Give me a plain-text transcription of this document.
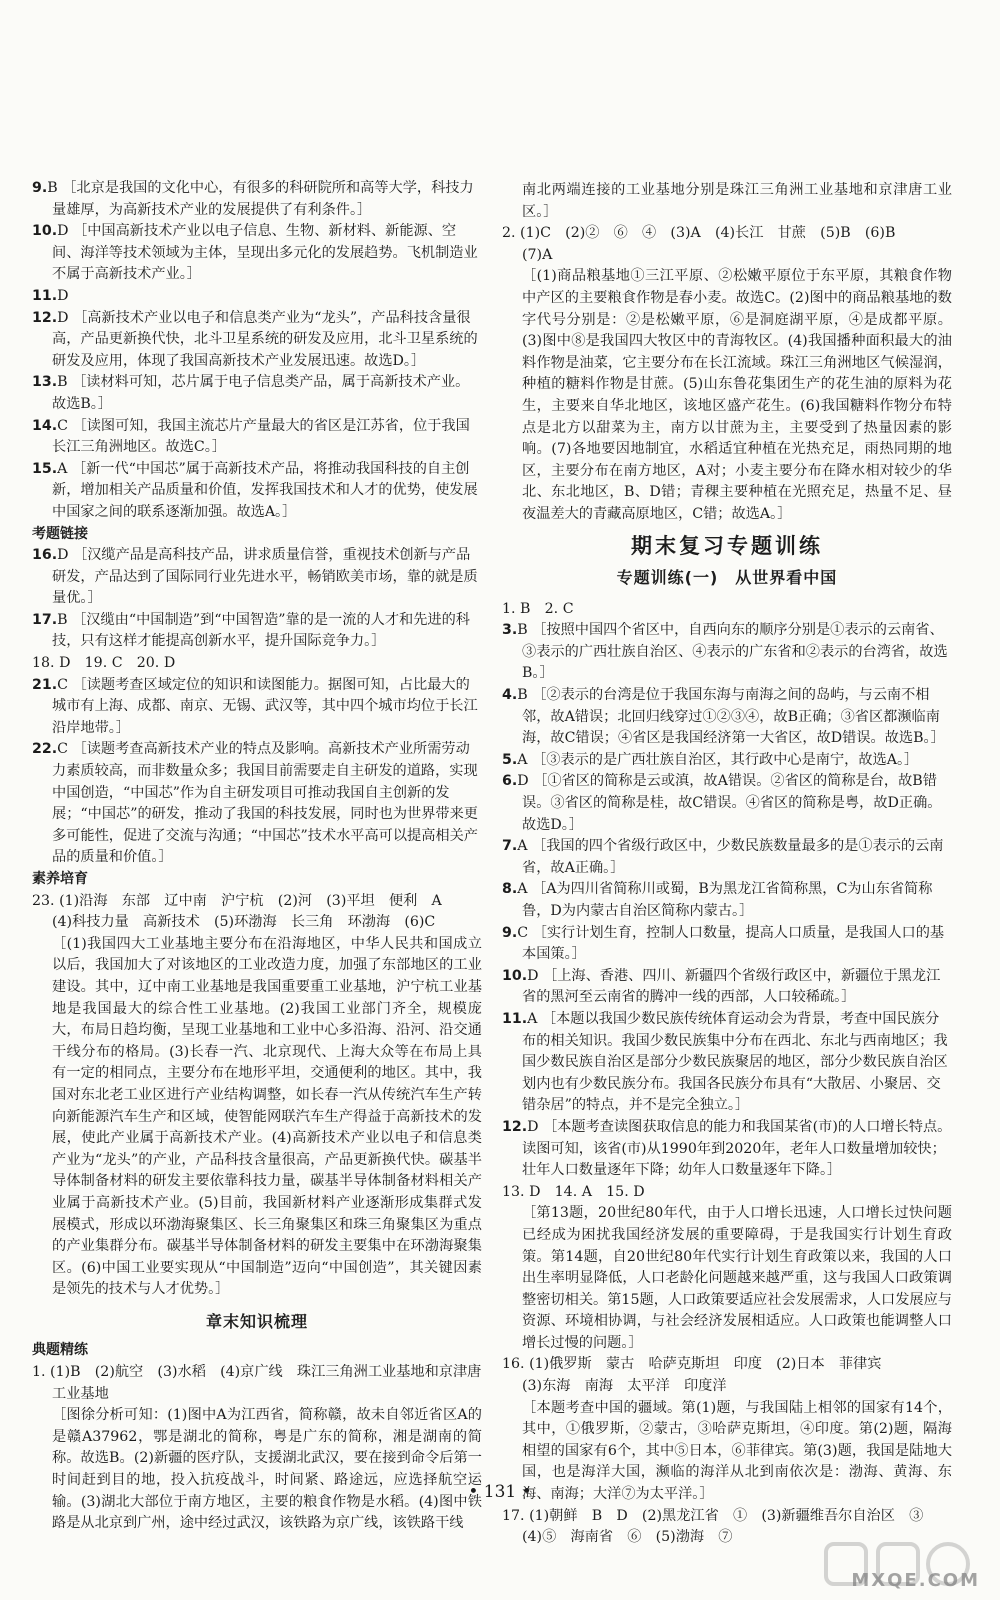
9.B ［北京是我国的文化中心，有很多的科研院所和高等大学，科技力量雄厚，为高新技术产业的发展提供了有利条件。］

10.D ［中国高新技术产业以电子信息、生物、新材料、新能源、空间、海洋等技术领域为主体，呈现出多元化的发展趋势。飞机制造业不属于高新技术产业。］

11.D

12.D ［高新技术产业以电子和信息类产业为“龙头”，产品科技含量很高，产品更新换代快，北斗卫星系统的研发及应用，北斗卫星系统的研发及应用，体现了我国高新技术产业发展迅速。故选D。］

13.B ［读材料可知，芯片属于电子信息类产品，属于高新技术产业。故选B。］

14.C ［读图可知，我国主流芯片产量最大的省区是江苏省，位于我国长江三角洲地区。故选C。］

15.A ［新一代“中国芯”属于高新技术产品，将推动我国科技的自主创新，增加相关产品质量和价值，发挥我国技术和人才的优势，使发展中国家之间的联系逐渐加强。故选A。］

考题链接

16.D ［汉缆产品是高科技产品，讲求质量信誉，重视技术创新与产品研发，产品达到了国际同行业先进水平，畅销欧美市场，靠的就是质量优。］

17.B ［汉缆由“中国制造”到“中国智造”靠的是一流的人才和先进的科技，只有这样才能提高创新水平，提升国际竞争力。］

18. D　19. C　20. D

21.C ［读题考查区域定位的知识和读图能力。据图可知，占比最大的城市有上海、成都、南京、无锡、武汉等，其中四个城市均位于长江沿岸地带。］

22.C ［读题考查高新技术产业的特点及影响。高新技术产业所需劳动力素质较高，而非数量众多；我国目前需要走自主研发的道路，实现中国创造，“中国芯”作为自主研发项目可推动我国自主创新的发展；“中国芯”的研发，推动了我国的科技发展，同时也为世界带来更多可能性，促进了交流与沟通；“中国芯”技术水平高可以提高相关产品的质量和价值。］

素养培育

23. (1)沿海　东部　辽中南　沪宁杭　(2)河　(3)平坦　便利　A

(4)科技力量　高新技术　(5)环渤海　长三角　环渤海　(6)C

［(1)我国四大工业基地主要分布在沿海地区，中华人民共和国成立以后，我国加大了对该地区的工业改造力度，加强了东部地区的工业建设。其中，辽中南工业基地是我国重要重工业基地，沪宁杭工业基地是我国最大的综合性工业基地。(2)我国工业部门齐全，规模庞大，布局日趋均衡，呈现工业基地和工业中心多沿海、沿河、沿交通干线分布的格局。(3)长春一汽、北京现代、上海大众等在布局上具有一定的相同点，主要分布在地形平坦，交通便利的地区。其中，我国对东北老工业区进行产业结构调整，如长春一汽从传统汽车生产转向新能源汽车生产和区域，使智能网联汽车生产得益于高新技术的发展，使此产业属于高新技术产业。(4)高新技术产业以电子和信息类产业为“龙头”的产业，产品科技含量很高，产品更新换代快。碳基半导体制备材料的研发主要依靠科技力量，碳基半导体制备材料相关产业属于高新技术产业。(5)目前，我国新材料产业逐渐形成集群式发展模式，形成以环渤海聚集区、长三角聚集区和珠三角聚集区为重点的产业集群分布。碳基半导体制备材料的研发主要集中在环渤海聚集区。(6)中国工业要实现从“中国制造”迈向“中国创造”，其关键因素是领先的技术与人才优势。］

章末知识梳理

典题精练

1. (1)B　(2)航空　(3)水稻　(4)京广线　珠江三角洲工业基地和京津唐工业基地

［图徐分析可知：(1)图中A为江西省，简称赣，故未自邻近省区A的是赣A37962，鄂是湖北的简称，粤是广东的简称，湘是湖南的简称。故选B。(2)新疆的医疗队，支援湖北武汉，要在接到命令后第一时间赶到目的地，投入抗疫战斗，时间紧、路途远，应选择航空运输。(3)湖北大部位于南方地区，主要的粮食作物是水稻。(4)图中铁路是从北京到广州，途中经过武汉，该铁路为京广线，该铁路干线

南北两端连接的工业基地分别是珠江三角洲工业基地和京津唐工业区。］

2. (1)C　(2)②　⑥　④　(3)A　(4)长江　甘蔗　(5)B　(6)B

(7)A

［(1)商品粮基地①三江平原、②松嫩平原位于东平原，其粮食作物中产区的主要粮食作物是春小麦。故选C。(2)图中的商品粮基地的数字代号分别是：②是松嫩平原，⑥是洞庭湖平原，④是成都平原。(3)图中⑧是我国四大牧区中的青海牧区。(4)我国播种面积最大的油料作物是油菜，它主要分布在长江流域。珠江三角洲地区气候湿润，种植的糖料作物是甘蔗。(5)山东鲁花集团生产的花生油的原料为花生，主要来自华北地区，该地区盛产花生。(6)我国糖料作物分布特点是北方以甜菜为主，南方以甘蔗为主，主要受到了热量因素的影响。(7)各地要因地制宜，水稻适宜种植在光热充足，雨热同期的地区，主要分布在南方地区，A对；小麦主要分布在降水相对较少的华北、东北地区，B、D错；青稞主要种植在光照充足，热量不足、昼夜温差大的青藏高原地区，C错；故选A。］

期末复习专题训练

专题训练(一)　从世界看中国

1. B　2. C

3.B ［按照中国四个省区中，自西向东的顺序分别是①表示的云南省、③表示的广西壮族自治区、④表示的广东省和②表示的台湾省，故选B。］

4.B ［②表示的台湾是位于我国东海与南海之间的岛屿，与云南不相邻，故A错误；北回归线穿过①②③④，故B正确；③省区都濒临南海，故C错误；④省区是我国经济第一大省区，故D错误。故选B。］

5.A ［③表示的是广西壮族自治区，其行政中心是南宁，故选A。］

6.D ［①省区的简称是云或滇，故A错误。②省区的简称是台，故B错误。③省区的简称是桂，故C错误。④省区的简称是粤，故D正确。故选D。］

7.A ［我国的四个省级行政区中，少数民族数量最多的是①表示的云南省，故A正确。］

8.A ［A为四川省简称川或蜀，B为黑龙江省简称黑，C为山东省简称鲁，D为内蒙古自治区简称内蒙古。］

9.C ［实行计划生育，控制人口数量，提高人口质量，是我国人口的基本国策。］

10.D ［上海、香港、四川、新疆四个省级行政区中，新疆位于黑龙江省的黑河至云南省的腾冲一线的西部，人口较稀疏。］

11.A ［本题以我国少数民族传统体育运动会为背景，考查中国民族分布的相关知识。我国少数民族集中分布在西北、东北与西南地区；我国少数民族自治区是部分少数民族聚居的地区，部分少数民族自治区划内也有少数民族分布。我国各民族分布具有“大散居、小聚居、交错杂居”的特点，并不是完全独立。］

12.D ［本题考查读图获取信息的能力和我国某省(市)的人口增长特点。读图可知，该省(市)从1990年到2020年，老年人口数量增加较快；壮年人口数量逐年下降；幼年人口数量逐年下降。］

13. D　14. A　15. D

［第13题，20世纪80年代，由于人口增长迅速，人口增长过快问题已经成为困扰我国经济发展的重要障碍，于是我国实行计划生育政策。第14题，自20世纪80年代实行计划生育政策以来，我国的人口出生率明显降低，人口老龄化问题越来越严重，这与我国人口政策调整密切相关。第15题，人口政策要适应社会发展需求，人口发展应与资源、环境相协调，与社会经济发展相适应。人口政策也能调整人口增长过慢的问题。］

16. (1)俄罗斯　蒙古　哈萨克斯坦　印度　(2)日本　菲律宾

(3)东海　南海　太平洋　印度洋

［本题考查中国的疆域。第(1)题，与我国陆上相邻的国家有14个，其中，①俄罗斯，②蒙古，③哈萨克斯坦，④印度。第(2)题，隔海相望的国家有6个，其中⑤日本，⑥菲律宾。第(3)题，我国是陆地大国，也是海洋大国，濒临的海洋从北到南依次是：渤海、黄海、东海、南海；大洋⑦为太平洋。］

17. (1)朝鲜　B　D　(2)黑龙江省　①　(3)新疆维吾尔自治区　③

(4)⑤　海南省　⑥　(5)渤海　⑦

• 131 •
MXQE.COM
